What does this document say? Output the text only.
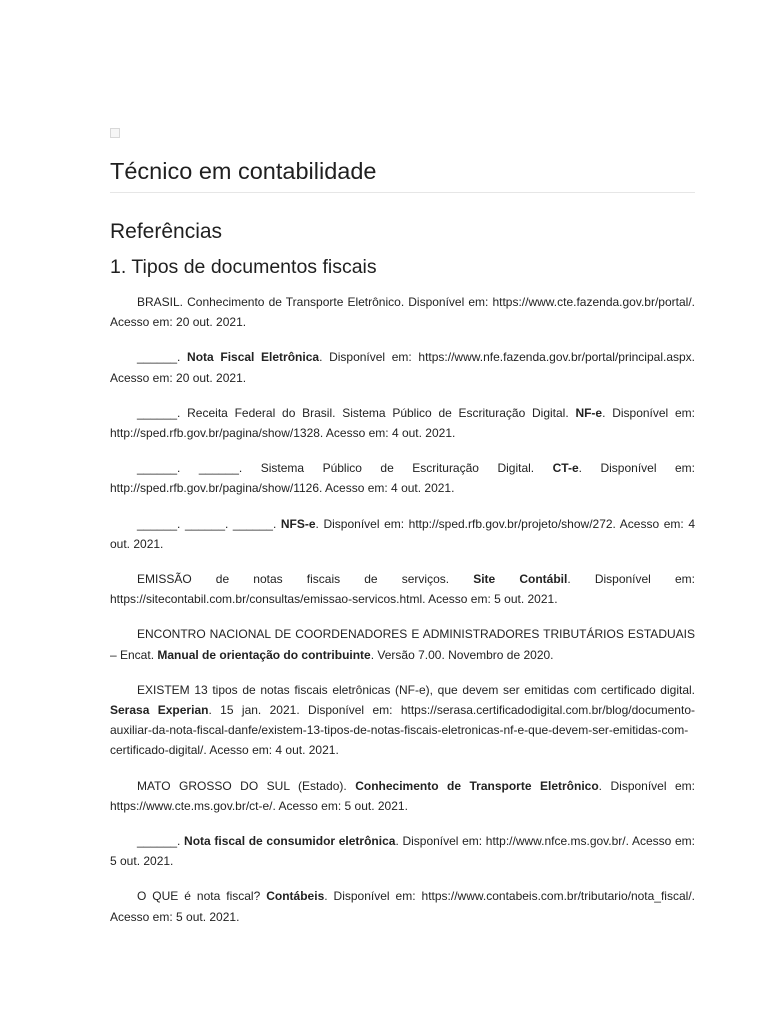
Técnico em contabilidade
Referências
1. Tipos de documentos fiscais

BRASIL. Conhecimento de Transporte Eletrônico. Disponível em: https://www.cte.fazenda.gov.br/portal/. Acesso em: 20 out. 2021.

______. Nota Fiscal Eletrônica. Disponível em: https://www.nfe.fazenda.gov.br/portal/principal.aspx. Acesso em: 20 out. 2021.

______. Receita Federal do Brasil. Sistema Público de Escrituração Digital. NF-e. Disponível em: http://sped.rfb.gov.br/pagina/show/1328. Acesso em: 4 out. 2021.

______. ______. Sistema Público de Escrituração Digital. CT-e. Disponível em: http://sped.rfb.gov.br/pagina/show/1126. Acesso em: 4 out. 2021.

______. ______. ______. NFS-e. Disponível em: http://sped.rfb.gov.br/projeto/show/272. Acesso em: 4 out. 2021.

EMISSÃO de notas fiscais de serviços. Site Contábil. Disponível em: https://sitecontabil.com.br/consultas/emissao-servicos.html. Acesso em: 5 out. 2021.

ENCONTRO NACIONAL DE COORDENADORES E ADMINISTRADORES TRIBUTÁRIOS ESTADUAIS – Encat. Manual de orientação do contribuinte. Versão 7.00. Novembro de 2020.

EXISTEM 13 tipos de notas fiscais eletrônicas (NF-e), que devem ser emitidas com certificado digital. Serasa Experian. 15 jan. 2021. Disponível em: https://serasa.certificadodigital.com.br/blog/documento-auxiliar-da-nota-fiscal-danfe/existem-13-tipos-de-notas-fiscais-eletronicas-nf-e-que-devem-ser-emitidas-com-certificado-digital/. Acesso em: 4 out. 2021.

MATO GROSSO DO SUL (Estado). Conhecimento de Transporte Eletrônico. Disponível em: https://www.cte.ms.gov.br/ct-e/. Acesso em: 5 out. 2021.

______. Nota fiscal de consumidor eletrônica. Disponível em: http://www.nfce.ms.gov.br/. Acesso em: 5 out. 2021.

O QUE é nota fiscal? Contábeis. Disponível em: https://www.contabeis.com.br/tributario/nota_fiscal/. Acesso em: 5 out. 2021.
